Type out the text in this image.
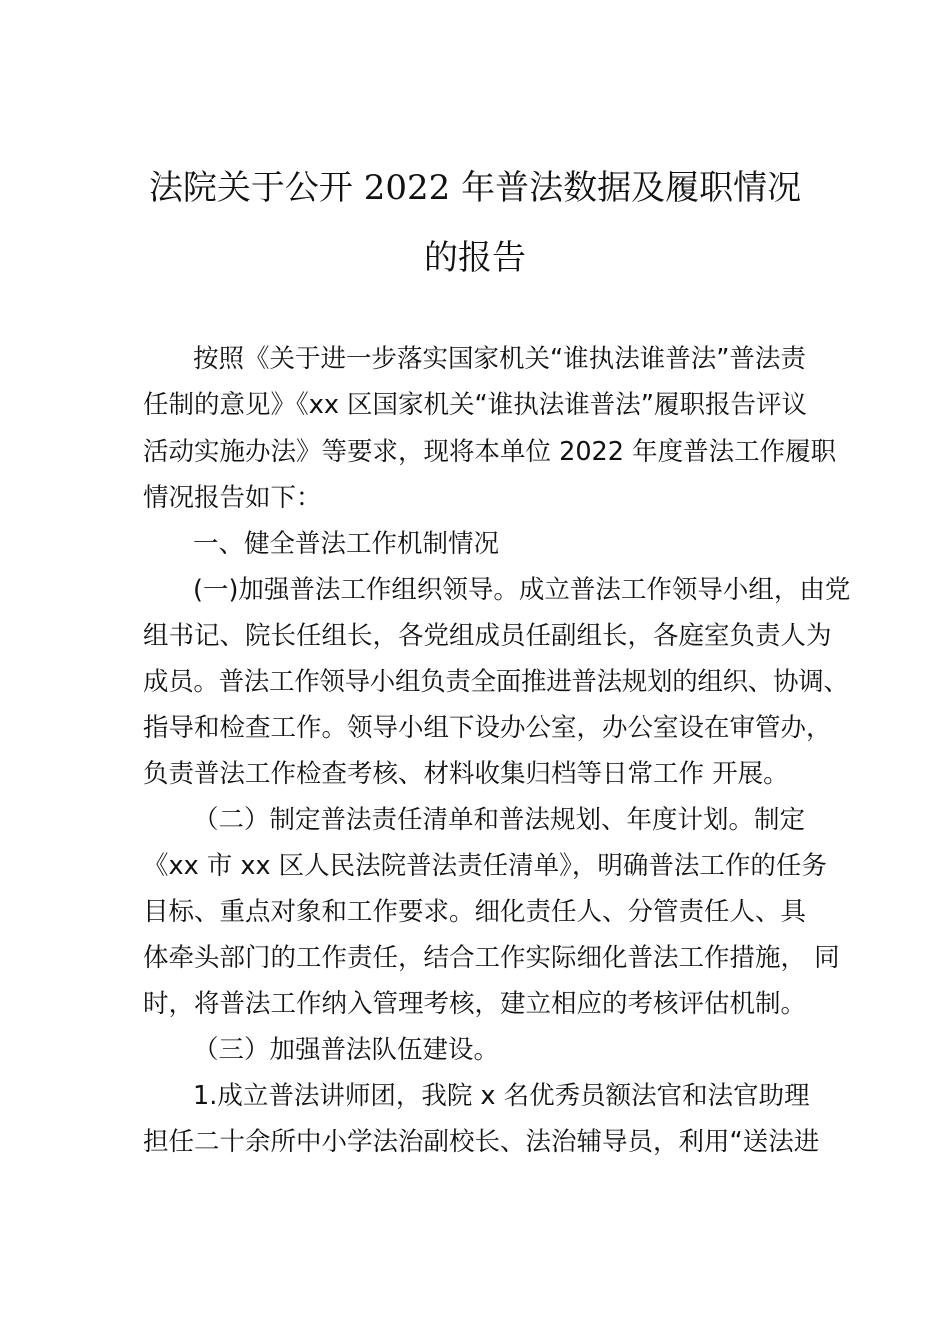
法院关于公开 2022 年普法数据及履职情况
的报告
按照《关于进一步落实国家机关“谁执法谁普法”普法责
任制的意见》《xx 区国家机关“谁执法谁普法”履职报告评议
活动实施办法》等要求，现将本单位 2022 年度普法工作履职
情况报告如下：
一、健全普法工作机制情况
(一)加强普法工作组织领导。成立普法工作领导小组，由党
组书记、院长任组长，各党组成员任副组长，各庭室负责人为
成员。普法工作领导小组负责全面推进普法规划的组织、协调、
指导和检查工作。领导小组下设办公室，办公室设在审管办，
负责普法工作检查考核、材料收集归档等日常工作 开展。
（二）制定普法责任清单和普法规划、年度计划。制定
《xx 市 xx 区人民法院普法责任清单》，明确普法工作的任务
目标、重点对象和工作要求。细化责任人、分管责任人、具
体牵头部门的工作责任，结合工作实际细化普法工作措施， 同
时，将普法工作纳入管理考核，建立相应的考核评估机制。
（三）加强普法队伍建设。
1.成立普法讲师团，我院 x 名优秀员额法官和法官助理
担任二十余所中小学法治副校长、法治辅导员，利用“送法进
